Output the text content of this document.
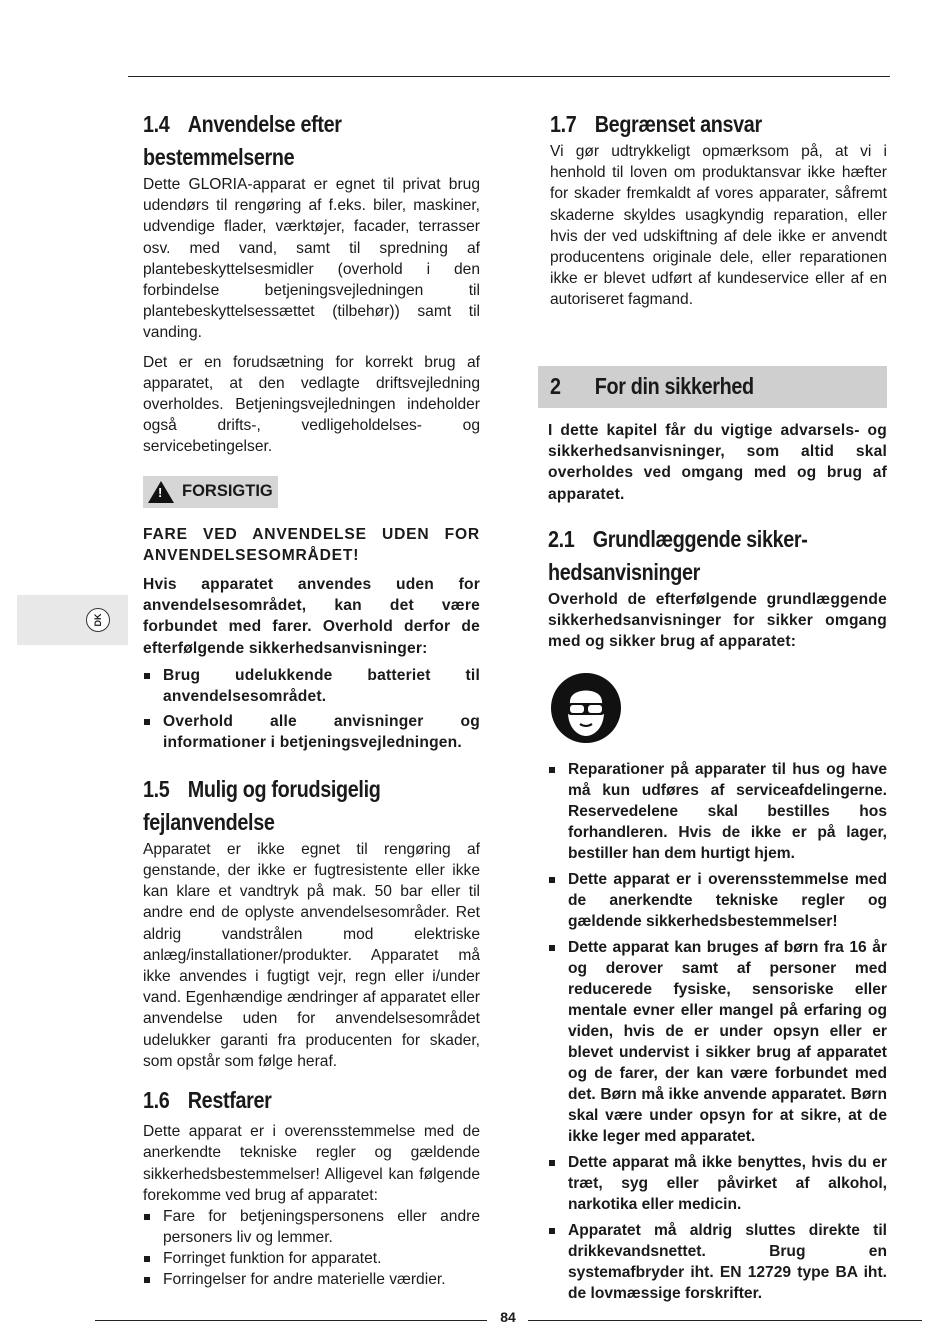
DK
1.4 Anvendelse efter
bestemmelserne

Dette GLORIA-apparat er egnet til privat brug udendørs til rengøring af f.eks. biler, maskiner, udvendige flader, værktøjer, facader, terrasser osv. med vand, samt til spredning af plantebeskyttelsesmidler (overhold i den forbindelse betjeningsvejledningen til plantebeskyttelsessættet (tilbehør)) samt til vanding.

Det er en forudsætning for korrekt brug af apparatet, at den vedlagte driftsvejledning overholdes. Betjeningsvejledningen indeholder også drifts-, vedligeholdelses- og servicebetingelser.

!FORSIGTIG

FARE VED ANVENDELSE UDEN FOR ANVENDELSESOMRÅDET!

Hvis apparatet anvendes uden for anvendelsesområdet, kan det være forbundet med farer. Overhold derfor de efterfølgende sikkerhedsanvisninger:

Brug udelukkende batteriet til anvendelsesområdet.
Overhold alle anvisninger og informationer i betjeningsvejledningen.
1.5 Mulig og forudsigelig
fejlanvendelse

Apparatet er ikke egnet til rengøring af genstande, der ikke er fugtresistente eller ikke kan klare et vandtryk på mak. 50 bar eller til andre end de oplyste anvendelsesområder. Ret aldrig vandstrålen mod elektriske anlæg/installationer/produkter. Apparatet må ikke anvendes i fugtigt vejr, regn eller i/under vand. Egenhændige ændringer af apparatet eller anvendelse uden for anvendelsesområdet udelukker garanti fra producenten for skader, som opstår som følge heraf.

1.6 Restfarer

Dette apparat er i overensstemmelse med de anerkendte tekniske regler og gældende sikkerhedsbestemmelser! Alligevel kan følgende forekomme ved brug af apparatet:

Fare for betjeningspersonens eller andre personers liv og lemmer.
Forringet funktion for apparatet.
Forringelser for andre materielle værdier.
1.7 Begrænset ansvar

Vi gør udtrykkeligt opmærksom på, at vi i henhold til loven om produktansvar ikke hæfter for skader fremkaldt af vores apparater, såfremt skaderne skyldes usagkyndig reparation, eller hvis der ved udskiftning af dele ikke er anvendt producentens originale dele, eller reparationen ikke er blevet udført af kundeservice eller af en autoriseret fagmand.

2 For din sikkerhed

I dette kapitel får du vigtige advarsels- og sikkerhedsanvisninger, som altid skal overholdes ved omgang med og brug af apparatet.

2.1 Grundlæggende sikker-
hedsanvisninger

Overhold de efterfølgende grundlæggende sikkerhedsanvisninger for sikker omgang med og sikker brug af apparatet:

Reparationer på apparater til hus og have må kun udføres af serviceafdelingerne. Reservedelene skal bestilles hos forhandleren. Hvis de ikke er på lager, bestiller han dem hurtigt hjem.
Dette apparat er i overensstemmelse med de anerkendte tekniske regler og gældende sikkerhedsbestemmelser!
Dette apparat kan bruges af børn fra 16 år og derover samt af personer med reducerede fysiske, sensoriske eller mentale evner eller mangel på erfaring og viden, hvis de er under opsyn eller er blevet undervist i sikker brug af apparatet og de farer, der kan være forbundet med det. Børn må ikke anvende apparatet. Børn skal være under opsyn for at sikre, at de ikke leger med apparatet.
Dette apparat må ikke benyttes, hvis du er træt, syg eller påvirket af alkohol, narkotika eller medicin.
Apparatet må aldrig sluttes direkte til drikkevandsnettet. Brug en systemafbryder iht. EN 12729 type BA iht. de lovmæssige forskrifter.
84
